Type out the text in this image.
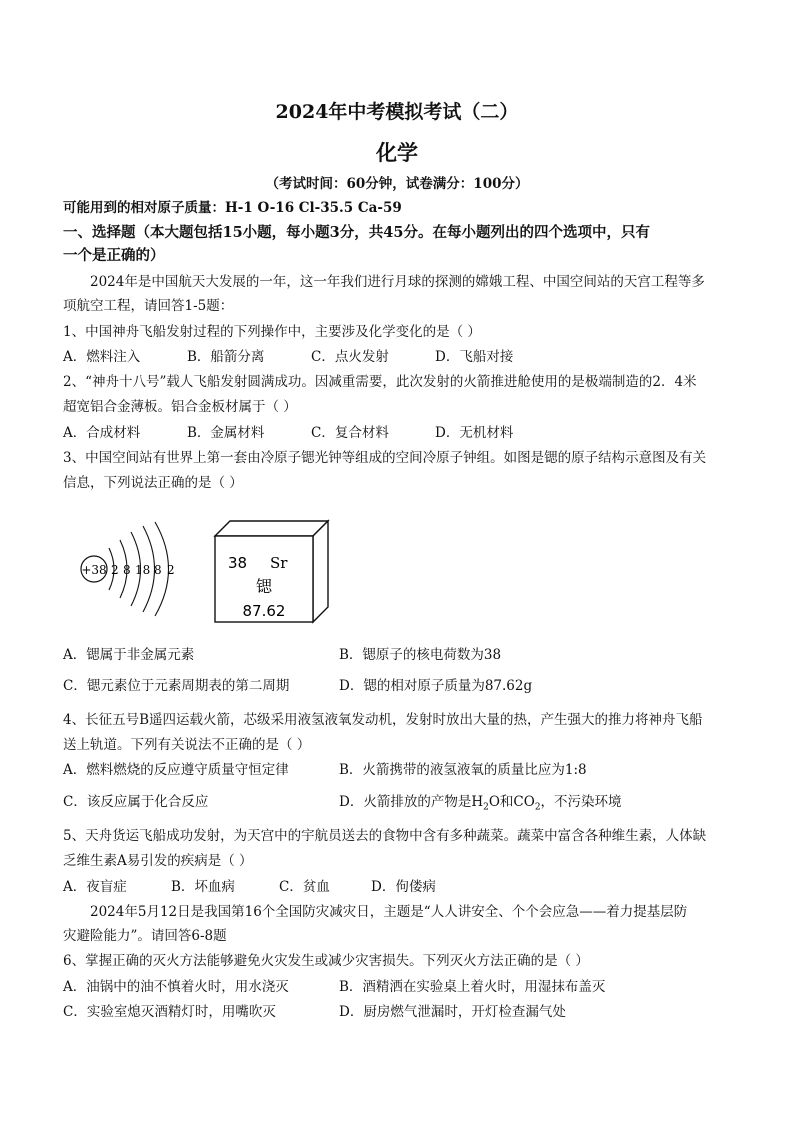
2024年中考模拟考试（二）
化学
（考试时间：60分钟，试卷满分：100分）
可能用到的相对原子质量：H-1 O-16 Cl-35.5 Ca-59
一、选择题（本大题包括15小题，每小题3分，共45分。在每小题列出的四个选项中，只有
一个是正确的）
2024年是中国航天大发展的一年，这一年我们进行月球的探测的嫦娥工程、中国空间站的天宫工程等多
项航空工程，请回答1-5题：
1、中国神舟飞船发射过程的下列操作中，主要涉及化学变化的是（ ）
A．燃料注入	B．船箭分离	C．点火发射	D．飞船对接
2、“神舟十八号”载人飞船发射圆满成功。因减重需要，此次发射的火箭推进舱使用的是极端制造的2．4米
超宽铝合金薄板。铝合金板材属于（ ）
A．合成材料	B．金属材料	C．复合材料	D．无机材料
3、中国空间站有世界上第一套由冷原子锶光钟等组成的空间冷原子钟组。如图是锶的原子结构示意图及有关
信息，下列说法正确的是（ ）
+38 2 8 18 8 2	38 Sr
锶
87.62
A．锶属于非金属元素	B．锶原子的核电荷数为38
C．锶元素位于元素周期表的第二周期	D．锶的相对原子质量为87.62g
4、长征五号B遥四运载火箭，芯级采用液氢液氧发动机，发射时放出大量的热，产生强大的推力将神舟飞船
送上轨道。下列有关说法不正确的是（ ）
A．燃料燃烧的反应遵守质量守恒定律	B．火箭携带的液氢液氧的质量比应为1:8
C．该反应属于化合反应	D．火箭排放的产物是$H_2O$和$CO_2$，不污染环境
5、天舟货运飞船成功发射，为天宫中的宇航员送去的食物中含有多种蔬菜。蔬菜中富含各种维生素，人体缺
乏维生素A易引发的疾病是（ ）
A．夜盲症	B．坏血病	C．贫血	D．佝偻病
2024年5月12日是我国第16个全国防灾减灾日，主题是“人人讲安全、个个会应急——着力提基层防
灾避险能力”。请回答6-8题
6、掌握正确的灭火方法能够避免火灾发生或减少灾害损失。下列灭火方法正确的是（ ）
A．油锅中的油不慎着火时，用水浇灭	B．酒精洒在实验桌上着火时，用湿抹布盖灭
C．实验室熄灭酒精灯时，用嘴吹灭	D．厨房燃气泄漏时，开灯检查漏气处
